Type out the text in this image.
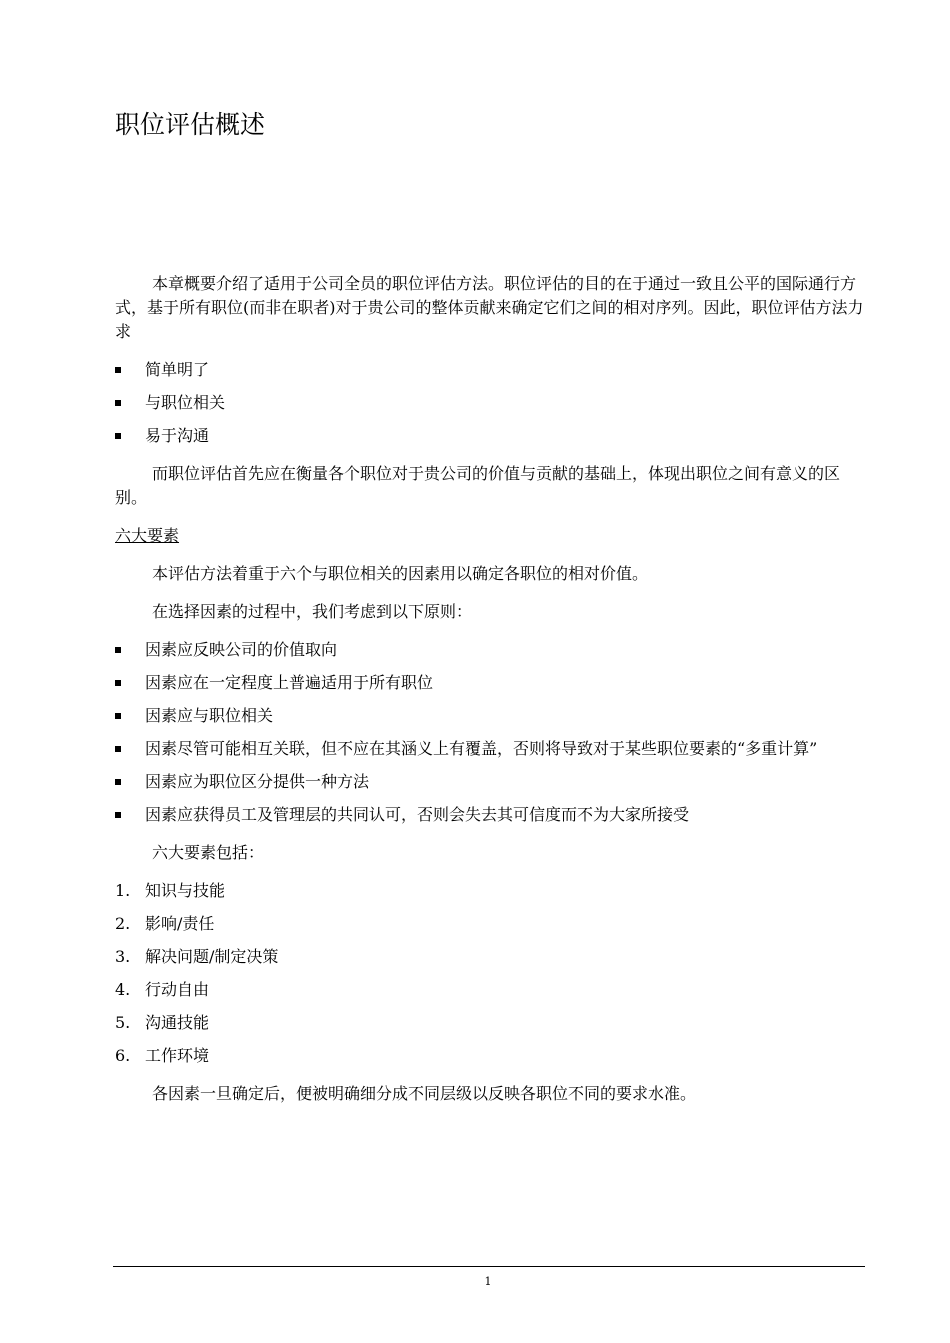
职位评估概述

本章概要介绍了适用于公司全员的职位评估方法。职位评估的目的在于通过一致且公平的国际通行方式，基于所有职位(而非在职者)对于贵公司的整体贡献来确定它们之间的相对序列。因此，职位评估方法力求

简单明了
与职位相关
易于沟通

而职位评估首先应在衡量各个职位对于贵公司的价值与贡献的基础上，体现出职位之间有意义的区别。

六大要素

本评估方法着重于六个与职位相关的因素用以确定各职位的相对价值。

在选择因素的过程中，我们考虑到以下原则：

因素应反映公司的价值取向
因素应在一定程度上普遍适用于所有职位
因素应与职位相关
因素尽管可能相互关联，但不应在其涵义上有覆盖，否则将导致对于某些职位要素的“多重计算”
因素应为职位区分提供一种方法
因素应获得员工及管理层的共同认可，否则会失去其可信度而不为大家所接受

六大要素包括：

1. 知识与技能
2. 影响/责任
3. 解决问题/制定决策
4. 行动自由
5. 沟通技能
6. 工作环境

各因素一旦确定后，便被明确细分成不同层级以反映各职位不同的要求水准。

1
